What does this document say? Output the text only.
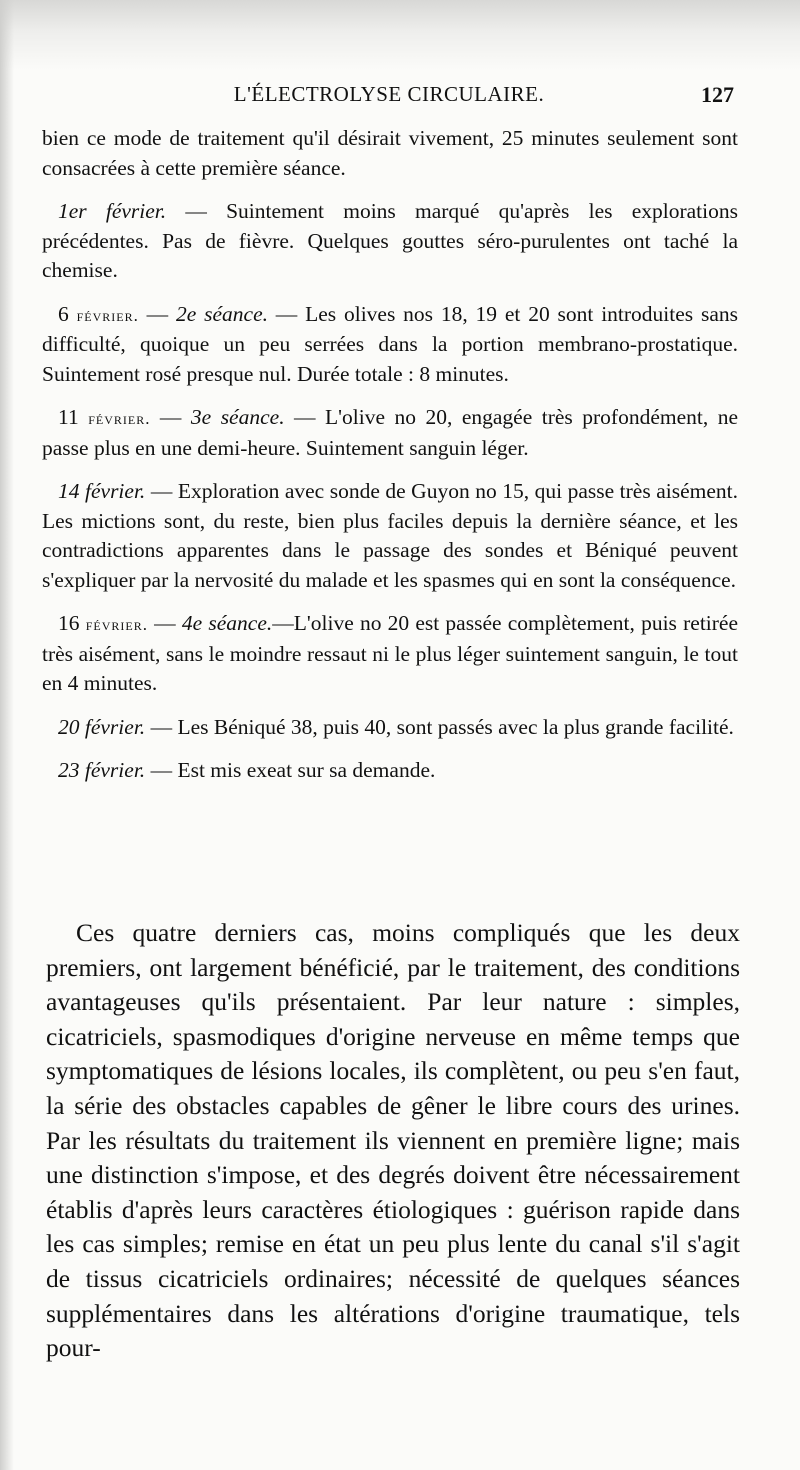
L'ÉLECTROLYSE CIRCULAIRE.	127

bien ce mode de traitement qu'il désirait vivement, 25 minutes seulement sont consacrées à cette première séance.

1er février. — Suintement moins marqué qu'après les explorations précédentes. Pas de fièvre. Quelques gouttes séro-purulentes ont taché la chemise.

6 février. — 2e séance. — Les olives nos 18, 19 et 20 sont introduites sans difficulté, quoique un peu serrées dans la portion membrano-prostatique. Suintement rosé presque nul. Durée totale : 8 minutes.

11 février. — 3e séance. — L'olive no 20, engagée très profondément, ne passe plus en une demi-heure. Suintement sanguin léger.

14 février. — Exploration avec sonde de Guyon no 15, qui passe très aisément. Les mictions sont, du reste, bien plus faciles depuis la dernière séance, et les contradictions apparentes dans le passage des sondes et Béniqué peuvent s'expliquer par la nervosité du malade et les spasmes qui en sont la conséquence.

16 février. — 4e séance.—L'olive no 20 est passée complètement, puis retirée très aisément, sans le moindre ressaut ni le plus léger suintement sanguin, le tout en 4 minutes.

20 février. — Les Béniqué 38, puis 40, sont passés avec la plus grande facilité.

23 février. — Est mis exeat sur sa demande.

Ces quatre derniers cas, moins compliqués que les deux premiers, ont largement bénéficié, par le traitement, des conditions avantageuses qu'ils présentaient. Par leur nature : simples, cicatriciels, spasmodiques d'origine nerveuse en même temps que symptomatiques de lésions locales, ils complètent, ou peu s'en faut, la série des obstacles capables de gêner le libre cours des urines. Par les résultats du traitement ils viennent en première ligne; mais une distinction s'impose, et des degrés doivent être nécessairement établis d'après leurs caractères étiologiques : guérison rapide dans les cas simples; remise en état un peu plus lente du canal s'il s'agit de tissus cicatriciels ordinaires; nécessité de quelques séances supplémentaires dans les altérations d'origine traumatique, tels pour-
